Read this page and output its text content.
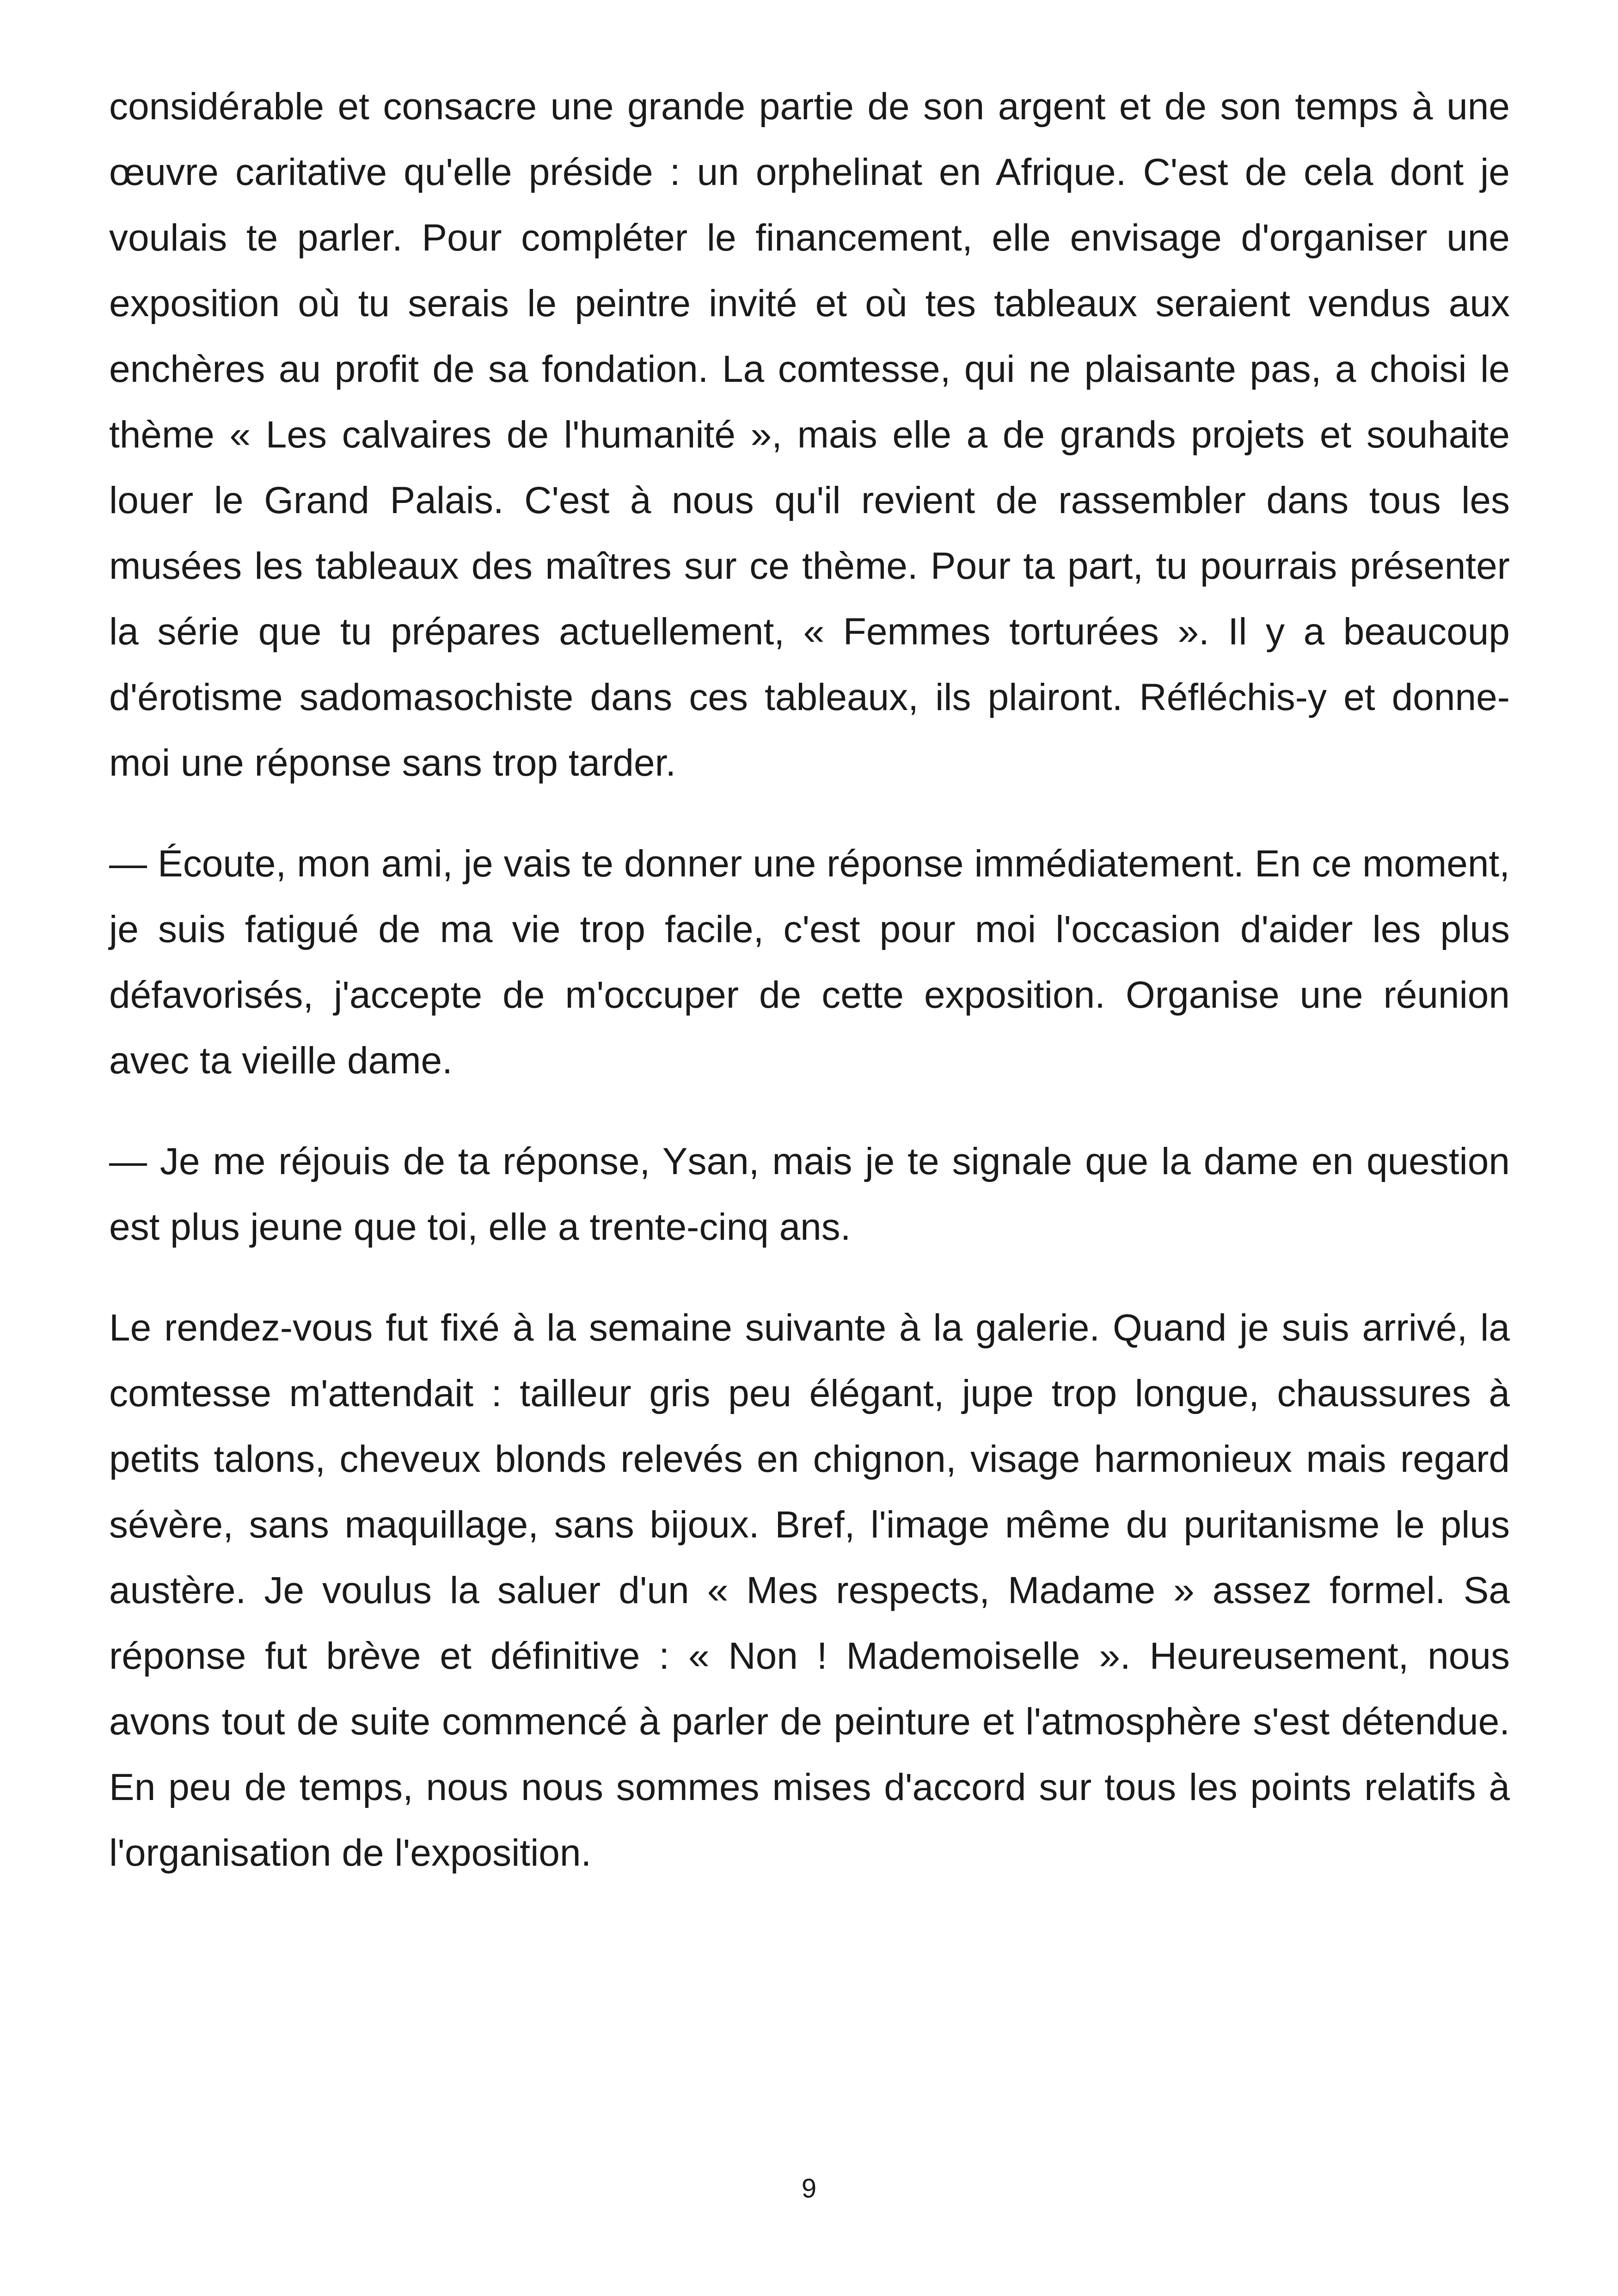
considérable et consacre une grande partie de son argent et de son temps à une œuvre caritative qu'elle préside : un orphelinat en Afrique. C'est de cela dont je voulais te parler. Pour compléter le financement, elle envisage d'organiser une exposition où tu serais le peintre invité et où tes tableaux seraient vendus aux enchères au profit de sa fondation. La comtesse, qui ne plaisante pas, a choisi le thème « Les calvaires de l'humanité », mais elle a de grands projets et souhaite louer le Grand Palais. C'est à nous qu'il revient de rassembler dans tous les musées les tableaux des maîtres sur ce thème. Pour ta part, tu pourrais présenter la série que tu prépares actuellement, « Femmes torturées ». Il y a beaucoup d'érotisme sadomasochiste dans ces tableaux, ils plairont. Réfléchis-y et donne-moi une réponse sans trop tarder.

— Écoute, mon ami, je vais te donner une réponse immédiatement. En ce moment, je suis fatigué de ma vie trop facile, c'est pour moi l'occasion d'aider les plus défavorisés, j'accepte de m'occuper de cette exposition. Organise une réunion avec ta vieille dame.

— Je me réjouis de ta réponse, Ysan, mais je te signale que la dame en question est plus jeune que toi, elle a trente-cinq ans.

Le rendez-vous fut fixé à la semaine suivante à la galerie. Quand je suis arrivé, la comtesse m'attendait : tailleur gris peu élégant, jupe trop longue, chaussures à petits talons, cheveux blonds relevés en chignon, visage harmonieux mais regard sévère, sans maquillage, sans bijoux. Bref, l'image même du puritanisme le plus austère. Je voulus la saluer d'un « Mes respects, Madame » assez formel. Sa réponse fut brève et définitive : « Non ! Mademoiselle ». Heureusement, nous avons tout de suite commencé à parler de peinture et l'atmosphère s'est détendue. En peu de temps, nous nous sommes mises d'accord sur tous les points relatifs à l'organisation de l'exposition.

9
